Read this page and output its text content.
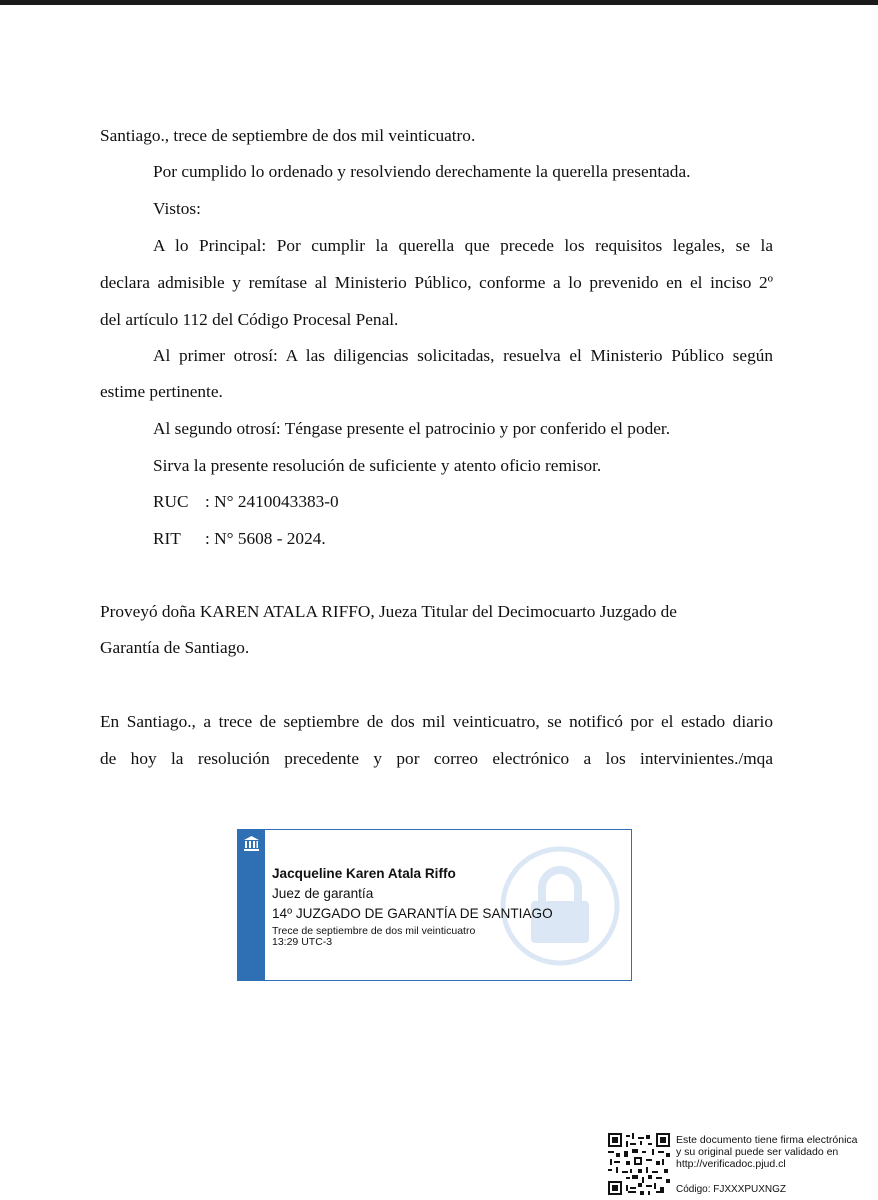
Santiago., trece de septiembre de dos mil veinticuatro.
Por cumplido lo ordenado y resolviendo derechamente la querella presentada.
Vistos:
A lo Principal: Por cumplir la querella que precede los requisitos legales, se la
declara admisible y remítase al Ministerio Público, conforme a lo prevenido en el inciso 2º
del artículo 112 del Código Procesal Penal.
Al primer otrosí: A las diligencias solicitadas, resuelva el Ministerio Público según
estime pertinente.
Al segundo otrosí: Téngase presente el patrocinio y por conferido el poder.
Sirva la presente resolución de suficiente y atento oficio remisor.
RUC : N° 2410043383-0
RIT : N° 5608 - 2024.
Proveyó doña KAREN ATALA RIFFO, Jueza Titular del Decimocuarto Juzgado de
Garantía de Santiago.
En Santiago., a trece de septiembre de dos mil veinticuatro, se notificó por el estado diario
de hoy la resolución precedente y por correo electrónico a los intervinientes./mqa
Jacqueline Karen Atala Riffo
Juez de garantía
14º JUZGADO DE GARANTÍA DE SANTIAGO
Trece de septiembre de dos mil veinticuatro
13:29 UTC-3
Este documento tiene firma electrónica
y su original puede ser validado en
http://verificadoc.pjud.cl
Código: FJXXXPUXNGZ
